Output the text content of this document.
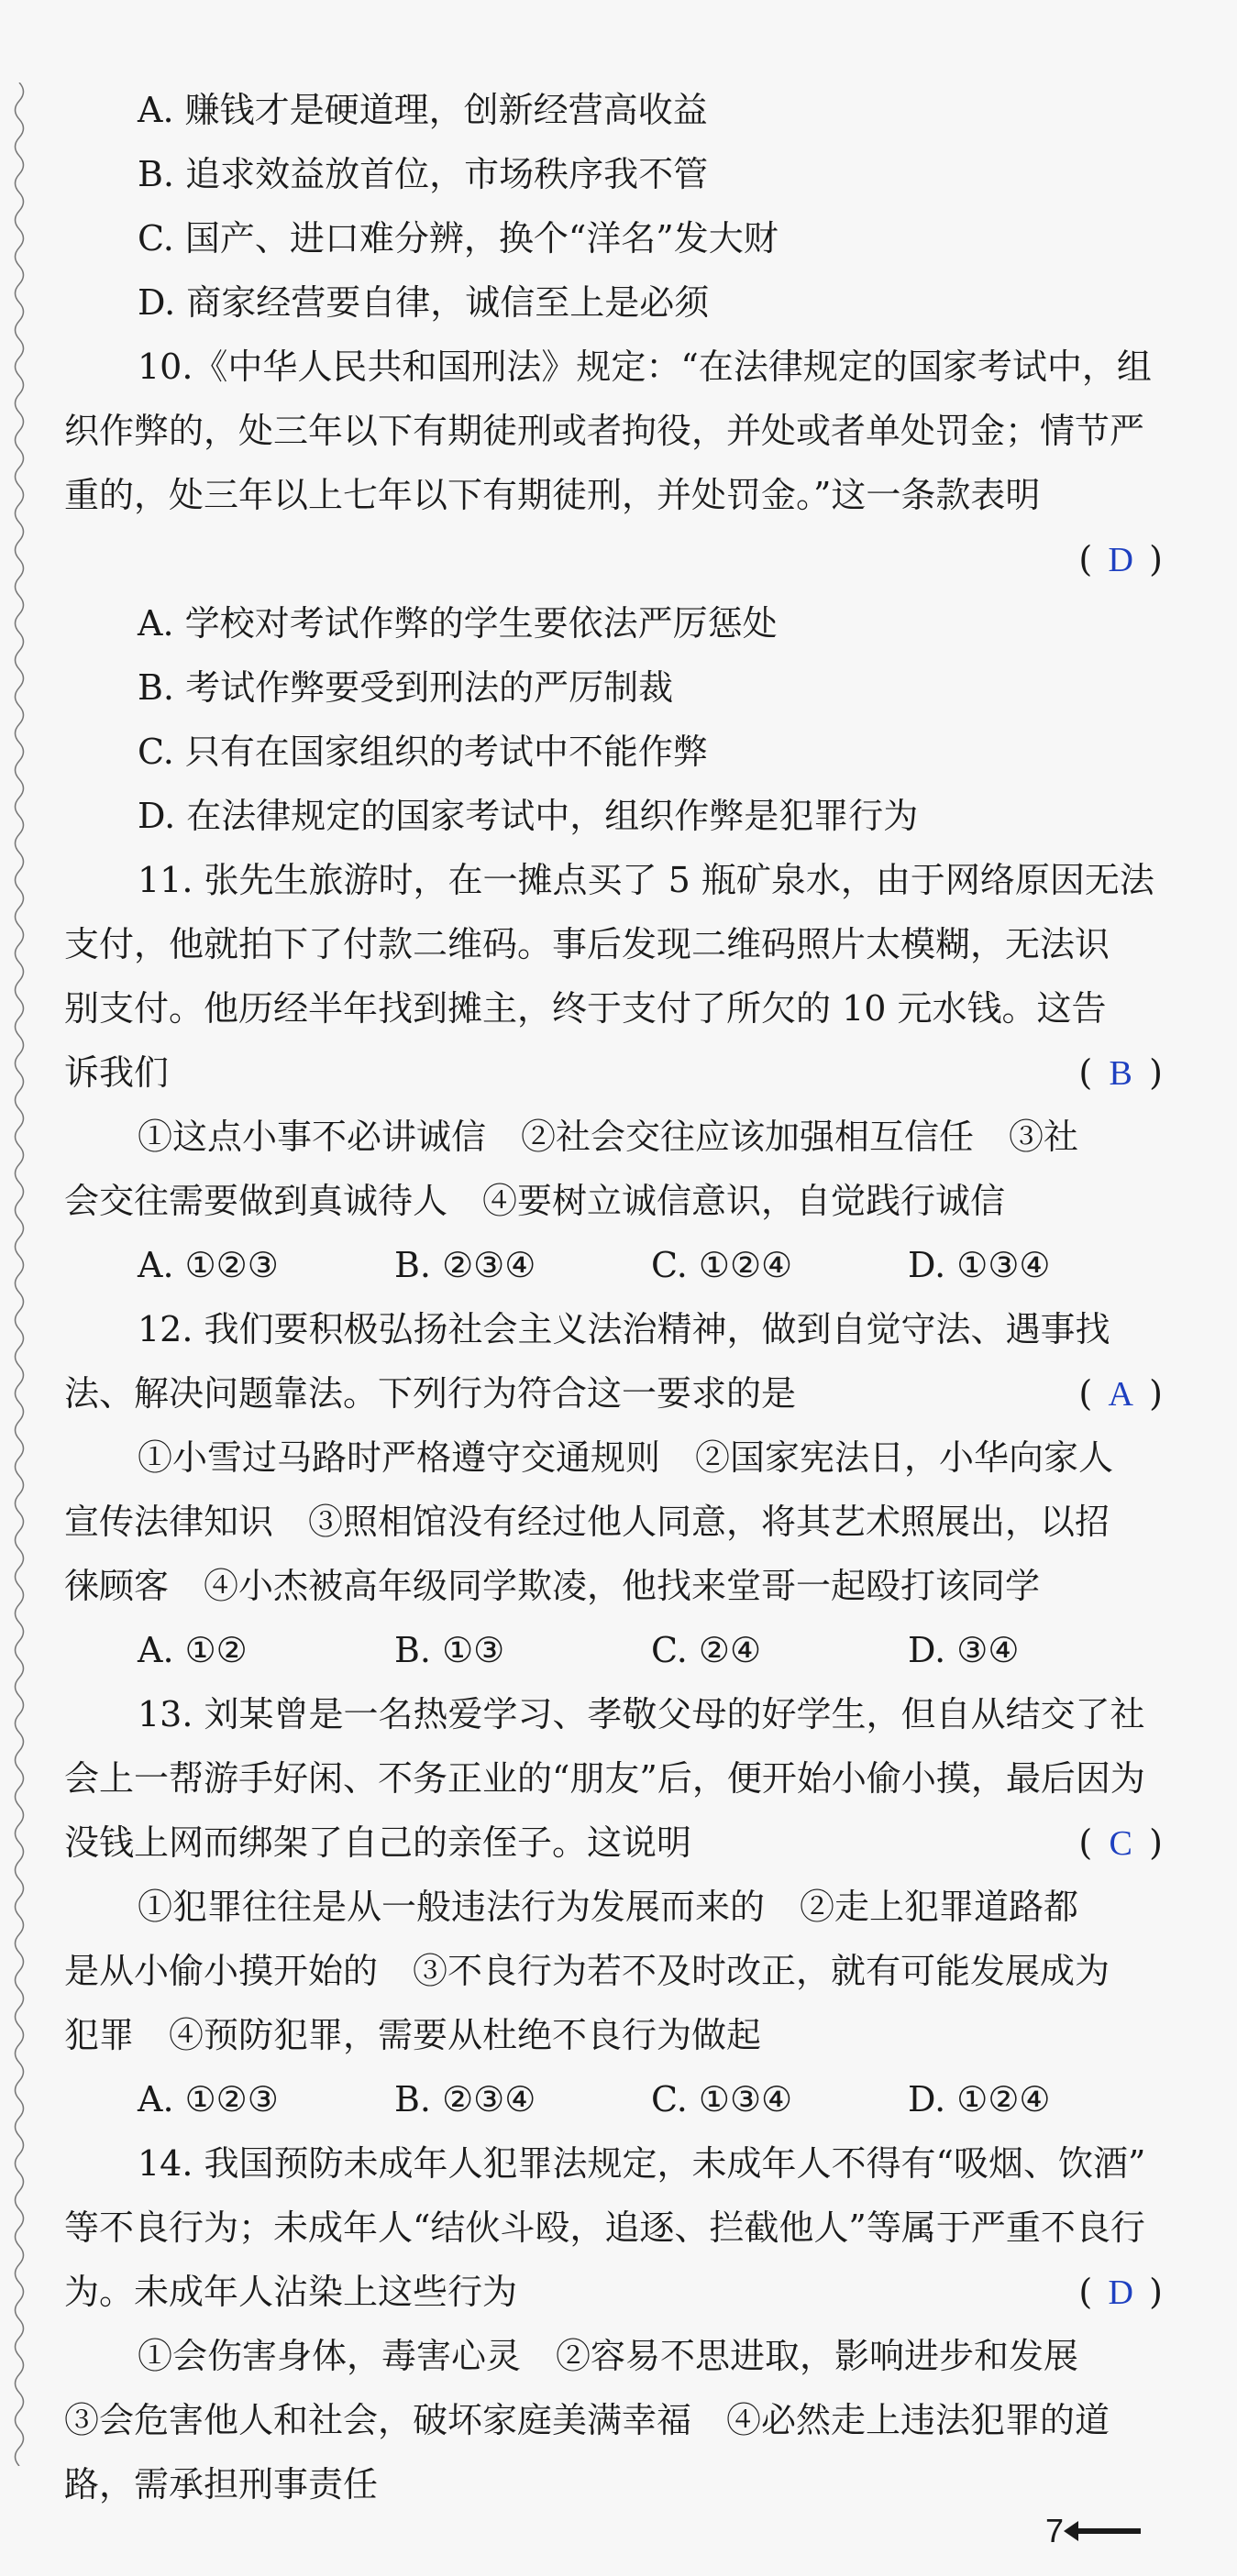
A. 赚钱才是硬道理，创新经营高收益
B. 追求效益放首位，市场秩序我不管
C. 国产、进口难分辨，换个“洋名”发大财
D. 商家经营要自律，诚信至上是必须
10.《中华人民共和国刑法》规定：“在法律规定的国家考试中，组
织作弊的，处三年以下有期徒刑或者拘役，并处或者单处罚金；情节严
重的，处三年以上七年以下有期徒刑，并处罚金。”这一条款表明
( D )
A. 学校对考试作弊的学生要依法严厉惩处
B. 考试作弊要受到刑法的严厉制裁
C. 只有在国家组织的考试中不能作弊
D. 在法律规定的国家考试中，组织作弊是犯罪行为
11. 张先生旅游时，在一摊点买了 5 瓶矿泉水，由于网络原因无法
支付，他就拍下了付款二维码。事后发现二维码照片太模糊，无法识
别支付。他历经半年找到摊主，终于支付了所欠的 10 元水钱。这告
诉我们	( B )
①这点小事不必讲诚信　②社会交往应该加强相互信任　③社
会交往需要做到真诚待人　④要树立诚信意识，自觉践行诚信
A. ①②③	B. ②③④	C. ①②④	D. ①③④
12. 我们要积极弘扬社会主义法治精神，做到自觉守法、遇事找
法、解决问题靠法。下列行为符合这一要求的是	( A )
①小雪过马路时严格遵守交通规则　②国家宪法日，小华向家人
宣传法律知识　③照相馆没有经过他人同意，将其艺术照展出，以招
徕顾客　④小杰被高年级同学欺凌，他找来堂哥一起殴打该同学
A. ①②	B. ①③	C. ②④	D. ③④
13. 刘某曾是一名热爱学习、孝敬父母的好学生，但自从结交了社
会上一帮游手好闲、不务正业的“朋友”后，便开始小偷小摸，最后因为
没钱上网而绑架了自己的亲侄子。这说明	( C )
①犯罪往往是从一般违法行为发展而来的　②走上犯罪道路都
是从小偷小摸开始的　③不良行为若不及时改正，就有可能发展成为
犯罪　④预防犯罪，需要从杜绝不良行为做起
A. ①②③	B. ②③④	C. ①③④	D. ①②④
14. 我国预防未成年人犯罪法规定，未成年人不得有“吸烟、饮酒”
等不良行为；未成年人“结伙斗殴，追逐、拦截他人”等属于严重不良行
为。未成年人沾染上这些行为	( D )
①会伤害身体，毒害心灵　②容易不思进取，影响进步和发展
③会危害他人和社会，破坏家庭美满幸福　④必然走上违法犯罪的道
路，需承担刑事责任
7
